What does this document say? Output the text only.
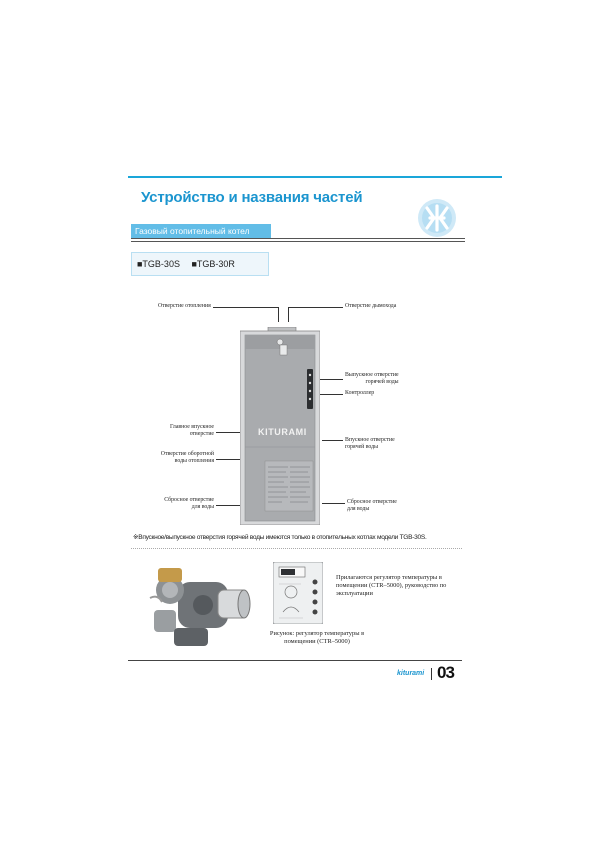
Устройство и названия частей
Газовый отопительный котел
■TGB-30S ■TGB-30R
Отверстие отопления	Отверстие дымохода
Выпускное отверстие
горячей воды
Контроллер
Впускное отверстие
горячей воды
Сбросное отверстие
для воды
Главное впускное
отверстие
Отверстие оборотной
воды отопления
Сбросное отверстие
для воды
KITURAMI
※Впускное/выпускное отверстия горячей воды имеются только в отопительных котлах модели TGB-30S.
Рисунок: регулятор температуры в
помещении (CTR–5000)
Прилагаются регулятор температуры в
помещении (CTR–5000), руководство по
эксплуатации
kiturami 03
